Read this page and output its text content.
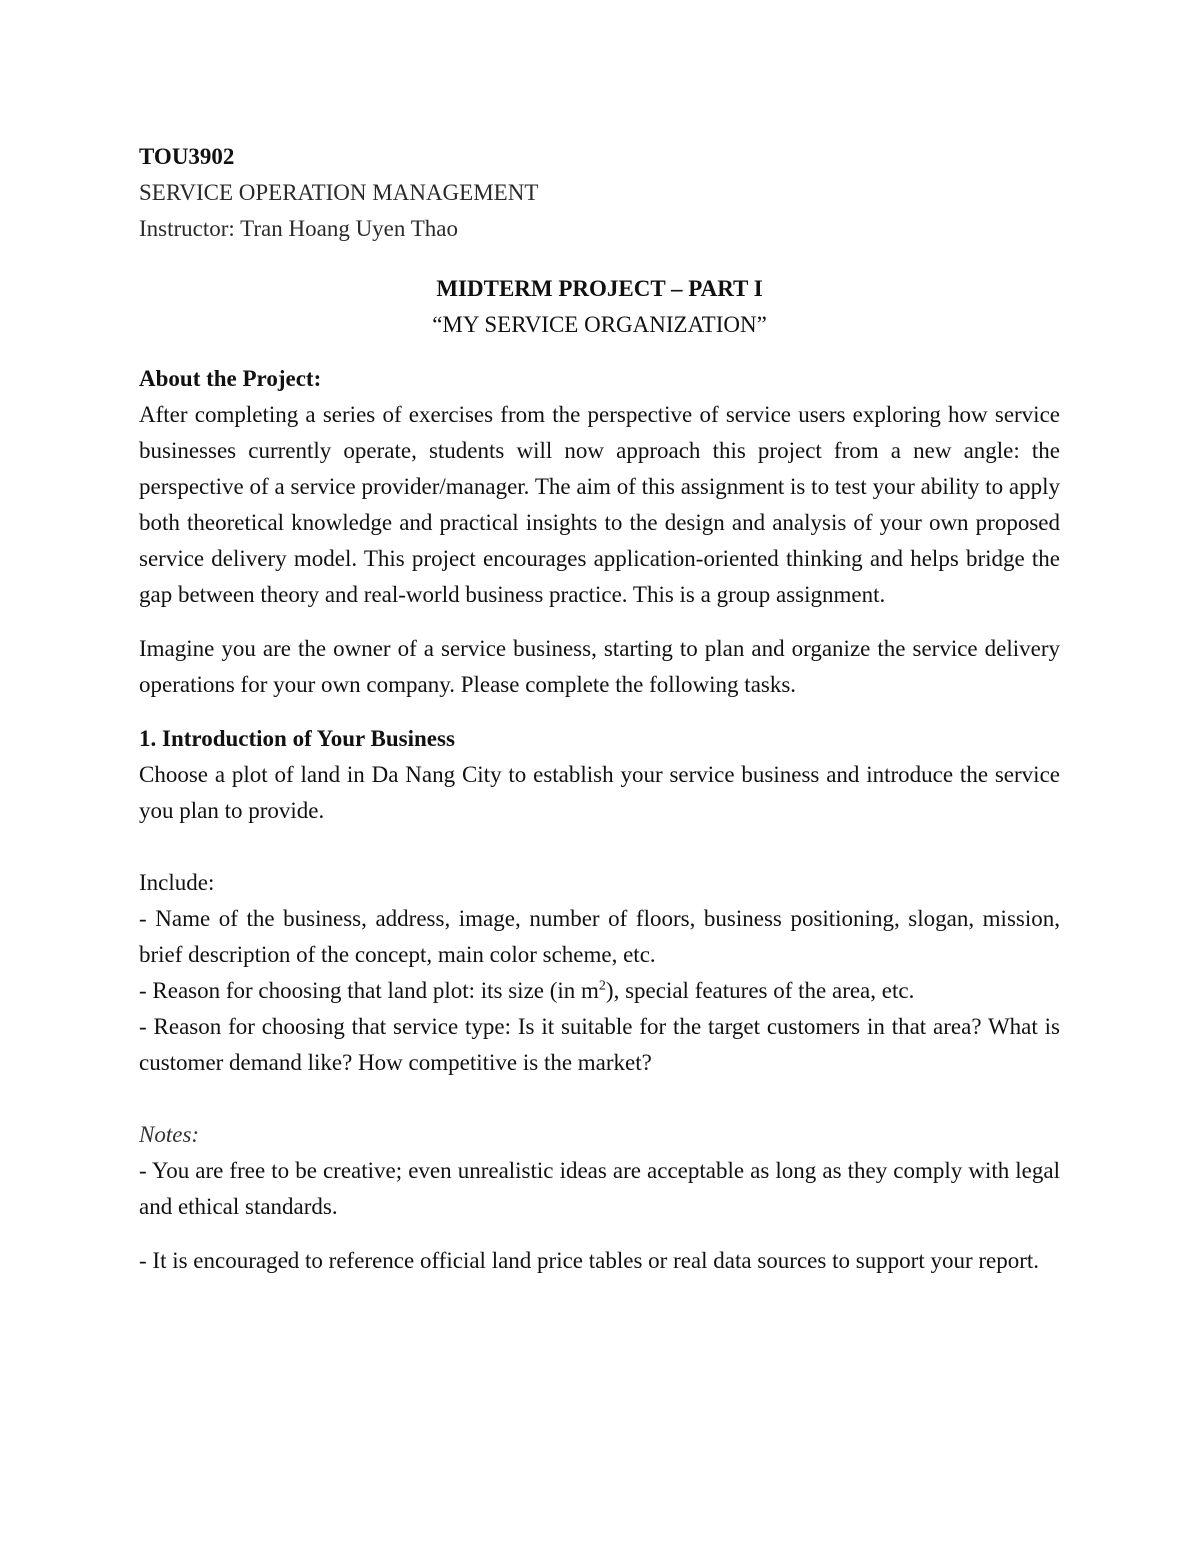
TOU3902

SERVICE OPERATION MANAGEMENT

Instructor: Tran Hoang Uyen Thao

MIDTERM PROJECT – PART I

“MY SERVICE ORGANIZATION”

About the Project:

After completing a series of exercises from the perspective of service users exploring how service businesses currently operate, students will now approach this project from a new angle: the perspective of a service provider/manager. The aim of this assignment is to test your ability to apply both theoretical knowledge and practical insights to the design and analysis of your own proposed service delivery model. This project encourages application-oriented thinking and helps bridge the gap between theory and real-world business practice. This is a group assignment.

Imagine you are the owner of a service business, starting to plan and organize the service delivery operations for your own company. Please complete the following tasks.

1. Introduction of Your Business

Choose a plot of land in Da Nang City to establish your service business and introduce the service you plan to provide.

Include:

- Name of the business, address, image, number of floors, business positioning, slogan, mission, brief description of the concept, main color scheme, etc.

- Reason for choosing that land plot: its size (in $m^2$), special features of the area, etc.

- Reason for choosing that service type: Is it suitable for the target customers in that area? What is customer demand like? How competitive is the market?

Notes:

- You are free to be creative; even unrealistic ideas are acceptable as long as they comply with legal and ethical standards.

- It is encouraged to reference official land price tables or real data sources to support your report.
